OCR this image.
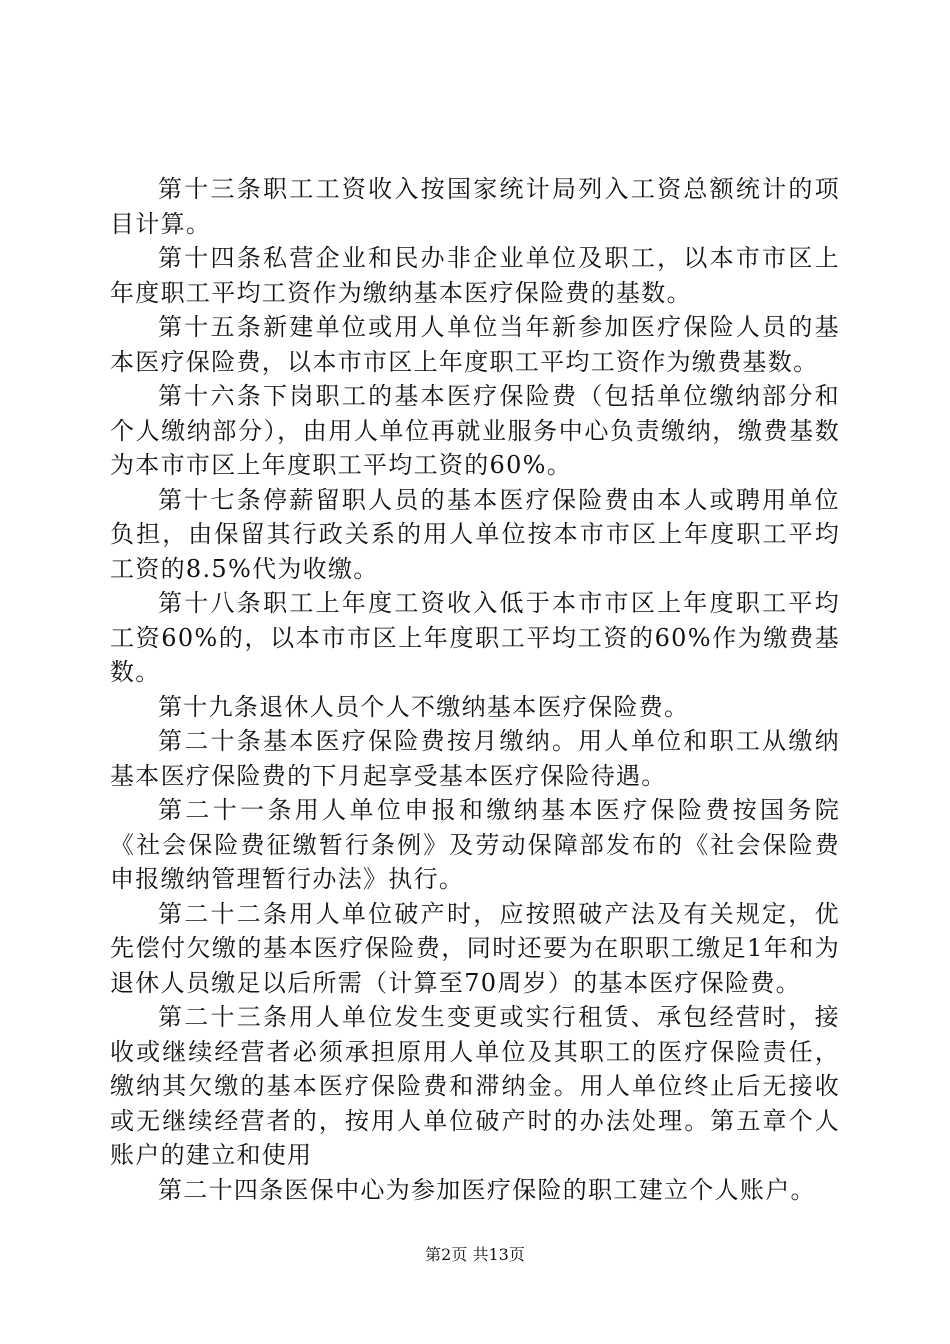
第十三条职工工资收入按国家统计局列入工资总额统计的项目计算。

第十四条私营企业和民办非企业单位及职工，以本市市区上年度职工平均工资作为缴纳基本医疗保险费的基数。

第十五条新建单位或用人单位当年新参加医疗保险人员的基本医疗保险费，以本市市区上年度职工平均工资作为缴费基数。

第十六条下岗职工的基本医疗保险费（包括单位缴纳部分和个人缴纳部分），由用人单位再就业服务中心负责缴纳，缴费基数为本市市区上年度职工平均工资的60%。

第十七条停薪留职人员的基本医疗保险费由本人或聘用单位负担，由保留其行政关系的用人单位按本市市区上年度职工平均工资的8.5%代为收缴。

第十八条职工上年度工资收入低于本市市区上年度职工平均工资60%的，以本市市区上年度职工平均工资的60%作为缴费基数。

第十九条退休人员个人不缴纳基本医疗保险费。

第二十条基本医疗保险费按月缴纳。用人单位和职工从缴纳基本医疗保险费的下月起享受基本医疗保险待遇。

第二十一条用人单位申报和缴纳基本医疗保险费按国务院《社会保险费征缴暂行条例》及劳动保障部发布的《社会保险费申报缴纳管理暂行办法》执行。

第二十二条用人单位破产时，应按照破产法及有关规定，优先偿付欠缴的基本医疗保险费，同时还要为在职职工缴足1年和为退休人员缴足以后所需（计算至70周岁）的基本医疗保险费。

第二十三条用人单位发生变更或实行租赁、承包经营时，接收或继续经营者必须承担原用人单位及其职工的医疗保险责任，缴纳其欠缴的基本医疗保险费和滞纳金。用人单位终止后无接收或无继续经营者的，按用人单位破产时的办法处理。第五章个人账户的建立和使用

第二十四条医保中心为参加医疗保险的职工建立个人账户。

第2页 共13页
